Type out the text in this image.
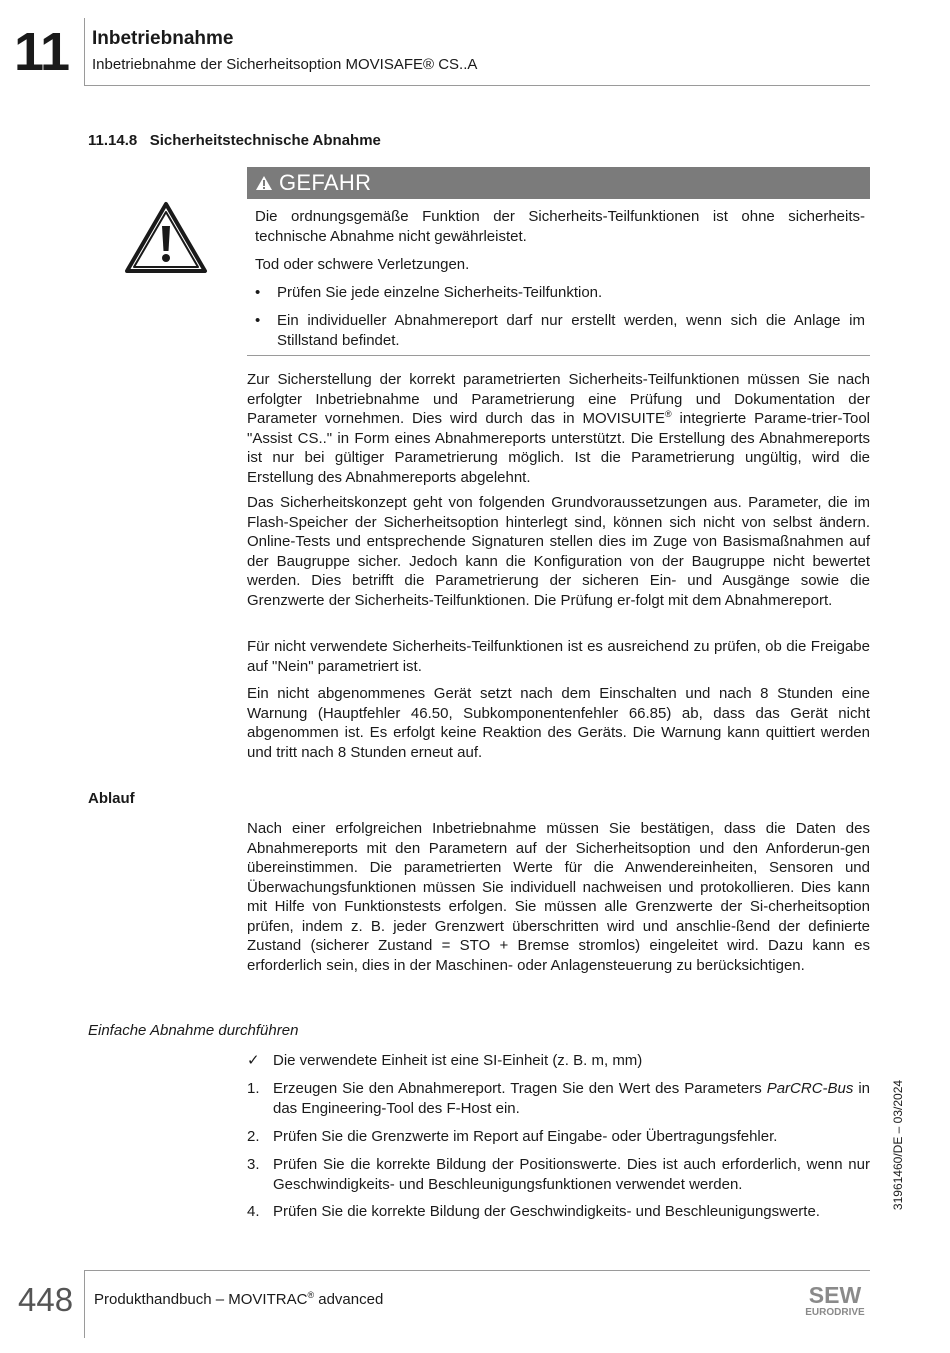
11 Inbetriebnahme
Inbetriebnahme der Sicherheitsoption MOVISAFE® CS..A
11.14.8   Sicherheitstechnische Abnahme
GEFAHR
Die ordnungsgemäße Funktion der Sicherheits-Teilfunktionen ist ohne sicherheits-technische Abnahme nicht gewährleistet.
Tod oder schwere Verletzungen.
• Prüfen Sie jede einzelne Sicherheits-Teilfunktion.
• Ein individueller Abnahmereport darf nur erstellt werden, wenn sich die Anlage im Stillstand befindet.
Zur Sicherstellung der korrekt parametrierten Sicherheits-Teilfunktionen müssen Sie nach erfolgter Inbetriebnahme und Parametrierung eine Prüfung und Dokumentation der Parameter vornehmen. Dies wird durch das in MOVISUITE® integrierte Parame-trier-Tool "Assist CS.." in Form eines Abnahmereports unterstützt. Die Erstellung des Abnahmereports ist nur bei gültiger Parametrierung möglich. Ist die Parametrierung ungültig, wird die Erstellung des Abnahmereports abgelehnt.
Das Sicherheitskonzept geht von folgenden Grundvoraussetzungen aus. Parameter, die im Flash-Speicher der Sicherheitsoption hinterlegt sind, können sich nicht von selbst ändern. Online-Tests und entsprechende Signaturen stellen dies im Zuge von Basismaßnahmen auf der Baugruppe sicher. Jedoch kann die Konfiguration von der Baugruppe nicht bewertet werden. Dies betrifft die Parametrierung der sicheren Ein- und Ausgänge sowie die Grenzwerte der Sicherheits-Teilfunktionen. Die Prüfung er-folgt mit dem Abnahmereport.
Für nicht verwendete Sicherheits-Teilfunktionen ist es ausreichend zu prüfen, ob die Freigabe auf "Nein" parametriert ist.
Ein nicht abgenommenes Gerät setzt nach dem Einschalten und nach 8 Stunden eine Warnung (Hauptfehler 46.50, Subkomponentenfehler 66.85) ab, dass das Gerät nicht abgenommen ist. Es erfolgt keine Reaktion des Geräts. Die Warnung kann quittiert werden und tritt nach 8 Stunden erneut auf.
Ablauf
Nach einer erfolgreichen Inbetriebnahme müssen Sie bestätigen, dass die Daten des Abnahmereports mit den Parametern auf der Sicherheitsoption und den Anforderun-gen übereinstimmen. Die parametrierten Werte für die Anwendereinheiten, Sensoren und Überwachungsfunktionen müssen Sie individuell nachweisen und protokollieren. Dies kann mit Hilfe von Funktionstests erfolgen. Sie müssen alle Grenzwerte der Si-cherheitsoption prüfen, indem z. B. jeder Grenzwert überschritten wird und anschlie-ßend der definierte Zustand (sicherer Zustand = STO + Bremse stromlos) eingeleitet wird. Dazu kann es erforderlich sein, dies in der Maschinen- oder Anlagensteuerung zu berücksichtigen.
Einfache Abnahme durchführen
✓ Die verwendete Einheit ist eine SI-Einheit (z. B. m, mm)
1. Erzeugen Sie den Abnahmereport. Tragen Sie den Wert des Parameters ParCRC-Bus in das Engineering-Tool des F-Host ein.
2. Prüfen Sie die Grenzwerte im Report auf Eingabe- oder Übertragungsfehler.
3. Prüfen Sie die korrekte Bildung der Positionswerte. Dies ist auch erforderlich, wenn nur Geschwindigkeits- und Beschleunigungsfunktionen verwendet werden.
4. Prüfen Sie die korrekte Bildung der Geschwindigkeits- und Beschleunigungswerte.
31961460/DE – 03/2024
448 Produkthandbuch – MOVITRAC® advanced	SEW
EURODRIVE
